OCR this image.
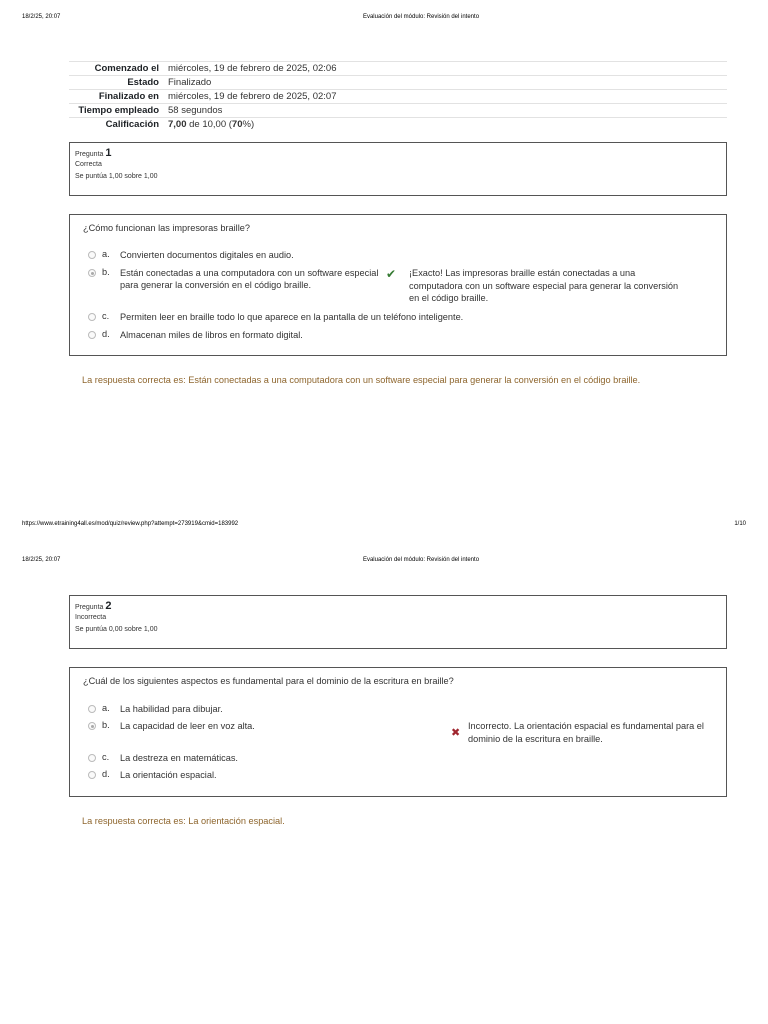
18/2/25, 20:07	Evaluación del módulo: Revisión del intento
Comenzado el	miércoles, 19 de febrero de 2025, 02:06
Estado	Finalizado
Finalizado en	miércoles, 19 de febrero de 2025, 02:07
Tiempo empleado	58 segundos
Calificación	7,00 de 10,00 (70%)
Pregunta 1
Correcta
Se puntúa 1,00 sobre 1,00
¿Cómo funcionan las impresoras braille?
a. Convierten documentos digitales en audio.
b. Están conectadas a una computadora con un software especial para generar la conversión en el código braille.
✔ ¡Exacto! Las impresoras braille están conectadas a una computadora con un software especial para generar la conversión en el código braille.
c. Permiten leer en braille todo lo que aparece en la pantalla de un teléfono inteligente.
d. Almacenan miles de libros en formato digital.
La respuesta correcta es: Están conectadas a una computadora con un software especial para generar la conversión en el código braille.
https://www.etraining4all.es/mod/quiz/review.php?attempt=273919&cmid=183992	1/10
18/2/25, 20:07	Evaluación del módulo: Revisión del intento
Pregunta 2
Incorrecta
Se puntúa 0,00 sobre 1,00
¿Cuál de los siguientes aspectos es fundamental para el dominio de la escritura en braille?
a. La habilidad para dibujar.
b. La capacidad de leer en voz alta.
✖
Incorrecto. La orientación espacial es fundamental para el dominio de la escritura en braille.
c. La destreza en matemáticas.
d. La orientación espacial.
La respuesta correcta es: La orientación espacial.
